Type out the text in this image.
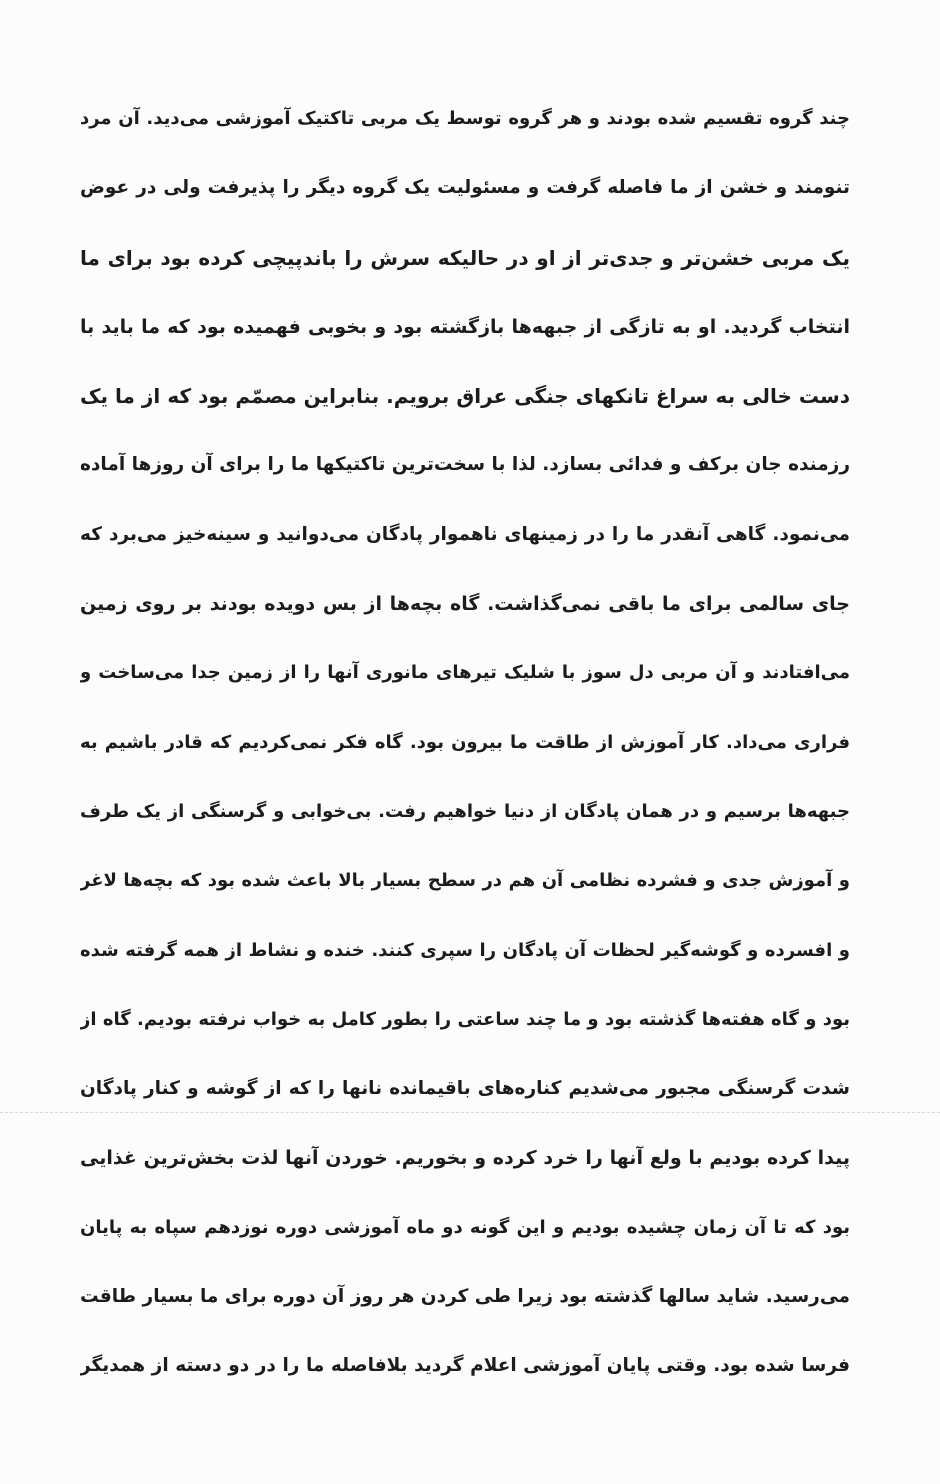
چند گروه تقسیم شده بودند و هر گروه توسط یک مربی تاکتیک آموزشی می‌دید. آن مرد
تنومند و خشن از ما فاصله گرفت و مسئولیت یک گروه دیگر را پذیرفت ولی در عوض
یک مربی خشن‌تر و جدی‌تر از او در حالیکه سرش را باندپیچی کرده بود برای ما
انتخاب گردید. او به تازگی از جبهه‌ها بازگشته بود و بخوبی فهمیده بود که ما باید با
دست خالی به سراغ تانکهای جنگی عراق برویم. بنابراین مصمّم بود که از ما یک
رزمنده جان برکف و فدائی بسازد. لذا با سخت‌ترین تاکتیکها ما را برای آن روزها آماده
می‌نمود. گاهی آنقدر ما را در زمینهای ناهموار پادگان می‌دوانید و سینه‌خیز می‌برد که
جای سالمی برای ما باقی نمی‌گذاشت. گاه بچه‌ها از بس دویده بودند بر روی زمین
می‌افتادند و آن مربی دل سوز با شلیک تیرهای مانوری آنها را از زمین جدا می‌ساخت و
فراری می‌داد. کار آموزش از طاقت ما بیرون بود. گاه فکر نمی‌کردیم که قادر باشیم به
جبهه‌ها برسیم و در همان پادگان از دنیا خواهیم رفت. بی‌خوابی و گرسنگی از یک طرف
و آموزش جدی و فشرده نظامی آن هم در سطح بسیار بالا باعث شده بود که بچه‌ها لاغر
و افسرده و گوشه‌گیر لحظات آن پادگان را سپری کنند. خنده و نشاط از همه گرفته شده
بود و گاه هفته‌ها گذشته بود و ما چند ساعتی را بطور کامل به خواب نرفته بودیم. گاه از
شدت گرسنگی مجبور می‌شدیم کناره‌های باقیمانده نانها را که از گوشه و کنار پادگان
پیدا کرده بودیم با ولع آنها را خرد کرده و بخوریم. خوردن آنها لذت بخش‌ترین غذایی
بود که تا آن زمان چشیده بودیم و این گونه دو ماه آموزشی دوره نوزدهم سپاه به پایان
می‌رسید. شاید سالها گذشته بود زیرا طی کردن هر روز آن دوره برای ما بسیار طاقت
فرسا شده بود. وقتی پایان آموزشی اعلام گردید بلافاصله ما را در دو دسته از همدیگر
